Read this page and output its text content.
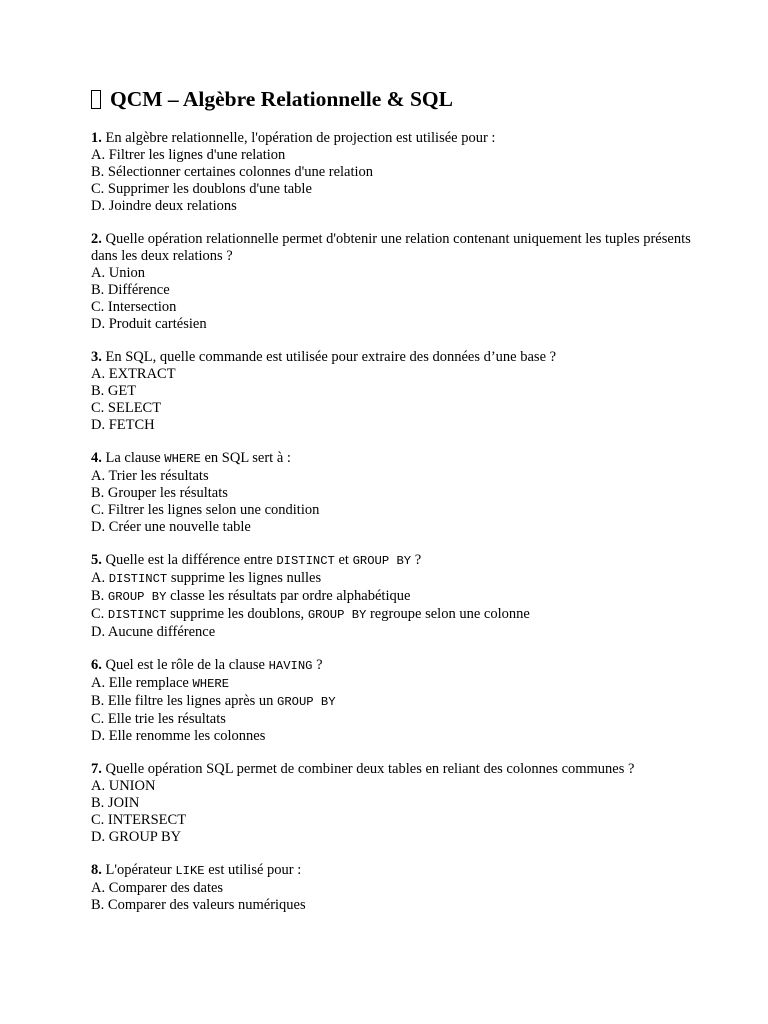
QCM – Algèbre Relationnelle & SQL

1. En algèbre relationnelle, l'opération de projection est utilisée pour :

A. Filtrer les lignes d'une relation

B. Sélectionner certaines colonnes d'une relation

C. Supprimer les doublons d'une table

D. Joindre deux relations

2. Quelle opération relationnelle permet d'obtenir une relation contenant uniquement les tuples présents dans les deux relations ?

A. Union

B. Différence

C. Intersection

D. Produit cartésien

3. En SQL, quelle commande est utilisée pour extraire des données d’une base ?

A. EXTRACT

B. GET

C. SELECT

D. FETCH

4. La clause WHERE en SQL sert à :

A. Trier les résultats

B. Grouper les résultats

C. Filtrer les lignes selon une condition

D. Créer une nouvelle table

5. Quelle est la différence entre DISTINCT et GROUP BY ?

A. DISTINCT supprime les lignes nulles

B. GROUP BY classe les résultats par ordre alphabétique

C. DISTINCT supprime les doublons, GROUP BY regroupe selon une colonne

D. Aucune différence

6. Quel est le rôle de la clause HAVING ?

A. Elle remplace WHERE

B. Elle filtre les lignes après un GROUP BY

C. Elle trie les résultats

D. Elle renomme les colonnes

7. Quelle opération SQL permet de combiner deux tables en reliant des colonnes communes ?

A. UNION

B. JOIN

C. INTERSECT

D. GROUP BY

8. L'opérateur LIKE est utilisé pour :

A. Comparer des dates

B. Comparer des valeurs numériques
